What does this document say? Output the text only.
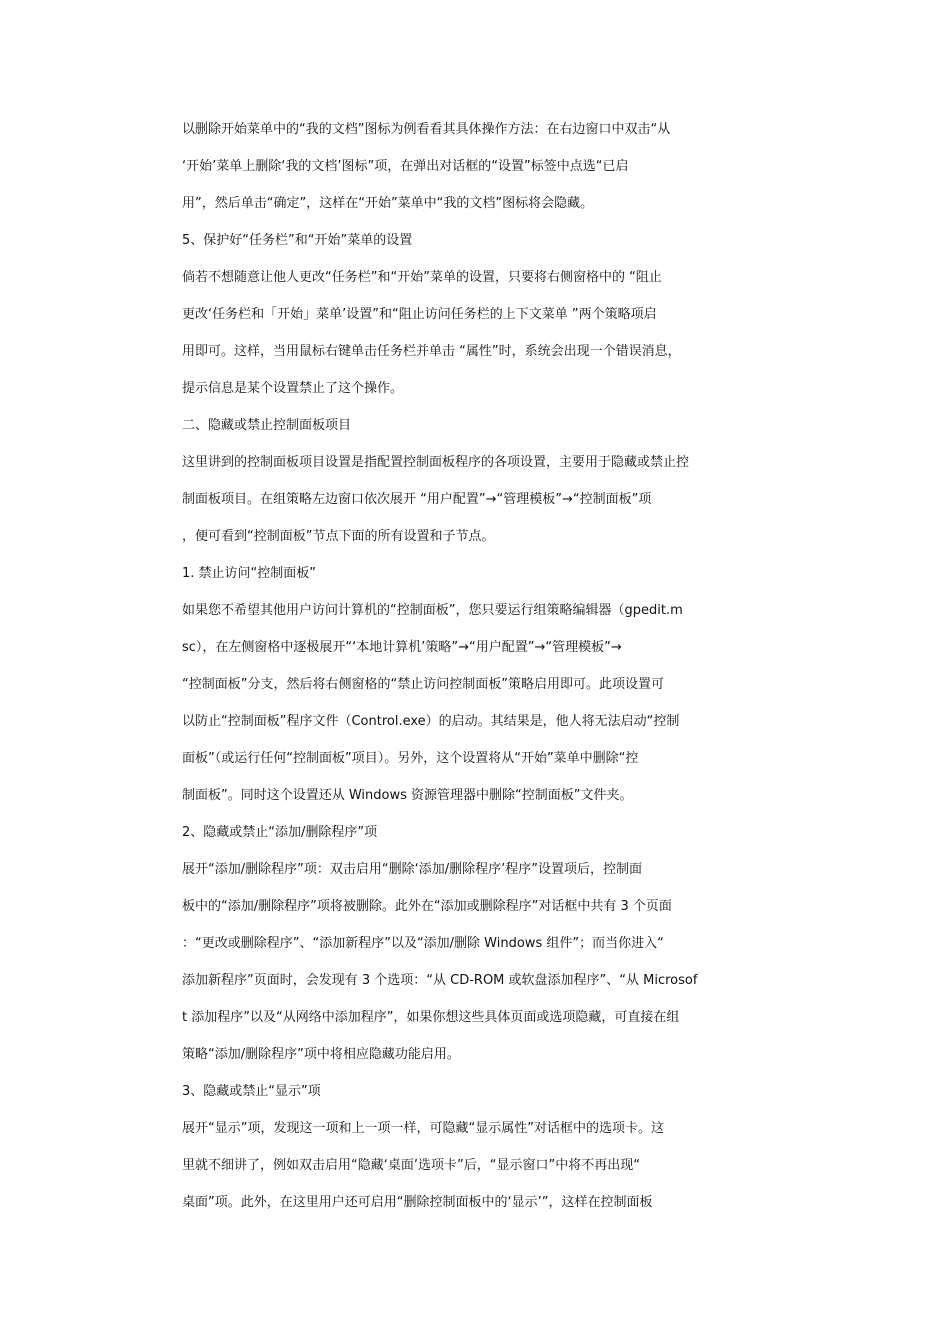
以删除开始菜单中的“我的文档”图标为例看看其具体操作方法：在右边窗口中双击“从

‘开始’菜单上删除‘我的文档’图标”项，在弹出对话框的“设置”标签中点选“已启

用”，然后单击“确定”，这样在“开始”菜单中“我的文档”图标将会隐藏。

5、保护好“任务栏”和“开始”菜单的设置

倘若不想随意让他人更改“任务栏”和“开始”菜单的设置，只要将右侧窗格中的 “阻止

更改‘任务栏和「开始」菜单’设置”和“阻止访问任务栏的上下文菜单 ”两个策略项启

用即可。这样，当用鼠标右键单击任务栏并单击 “属性”时，系统会出现一个错误消息，

提示信息是某个设置禁止了这个操作。

二、隐藏或禁止控制面板项目

这里讲到的控制面板项目设置是指配置控制面板程序的各项设置，主要用于隐藏或禁止控

制面板项目。在组策略左边窗口依次展开 “用户配置”→“管理模板”→“控制面板”项

，便可看到“控制面板”节点下面的所有设置和子节点。

1. 禁止访问“控制面板”

如果您不希望其他用户访问计算机的“控制面板”，您只要运行组策略编辑器（gpedit.m

sc），在左侧窗格中逐极展开“‘本地计算机’策略”→“用户配置”→“管理模板”→

“控制面板”分支，然后将右侧窗格的“禁止访问控制面板”策略启用即可。此项设置可

以防止“控制面板”程序文件（Control.exe）的启动。其结果是，他人将无法启动“控制

面板”（或运行任何“控制面板”项目）。另外，这个设置将从“开始”菜单中删除“控

制面板”。同时这个设置还从 Windows 资源管理器中删除“控制面板”文件夹。

2、隐藏或禁止“添加/删除程序”项

展开“添加/删除程序”项：双击启用“删除‘添加/删除程序’程序”设置项后，控制面

板中的“添加/删除程序”项将被删除。此外在“添加或删除程序”对话框中共有 3 个页面

：“更改或删除程序”、“添加新程序”以及“添加/删除 Windows 组件”；而当你进入“

添加新程序”页面时，会发现有 3 个选项：“从 CD-ROM 或软盘添加程序”、“从 Microsof

t 添加程序”以及“从网络中添加程序”，如果你想这些具体页面或选项隐藏，可直接在组

策略“添加/删除程序”项中将相应隐藏功能启用。

3、隐藏或禁止“显示”项

展开“显示”项，发现这一项和上一项一样，可隐藏“显示属性”对话框中的选项卡。这

里就不细讲了，例如双击启用“隐藏‘桌面’选项卡”后，“显示窗口”中将不再出现“

桌面”项。此外，在这里用户还可启用“删除控制面板中的‘显示’”，这样在控制面板
